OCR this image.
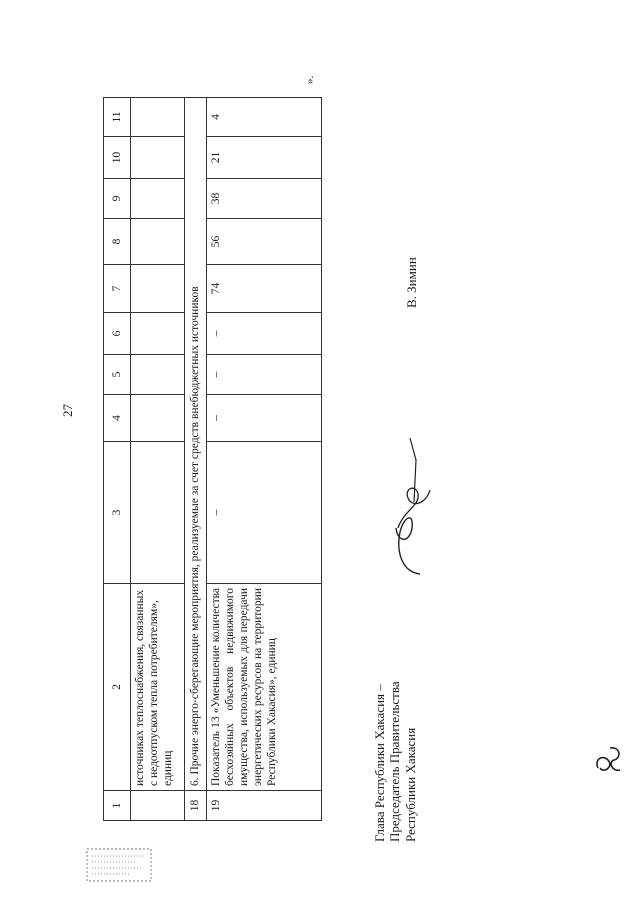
27
1	2	3	4	5	6	7	8	9	10	11
	источниках теплоснабжения, связанных с недоотпуском тепла потребителям», единиц									
18	6. Прочие энерго-сберегающие мероприятия, реализуемые за счет средств внебюджетных источников									
19	Показатель 13 «Уменьшение количества бесхозяйных объектов недвижимого имущества, используемых для передачи энергетических ресурсов на территории Республики Хакасия», единиц	–	–	–	–	74	56	38	21	4
».
Глава Республики Хакасия – Председатель Правительства Республики Хакасия
В. Зимин
